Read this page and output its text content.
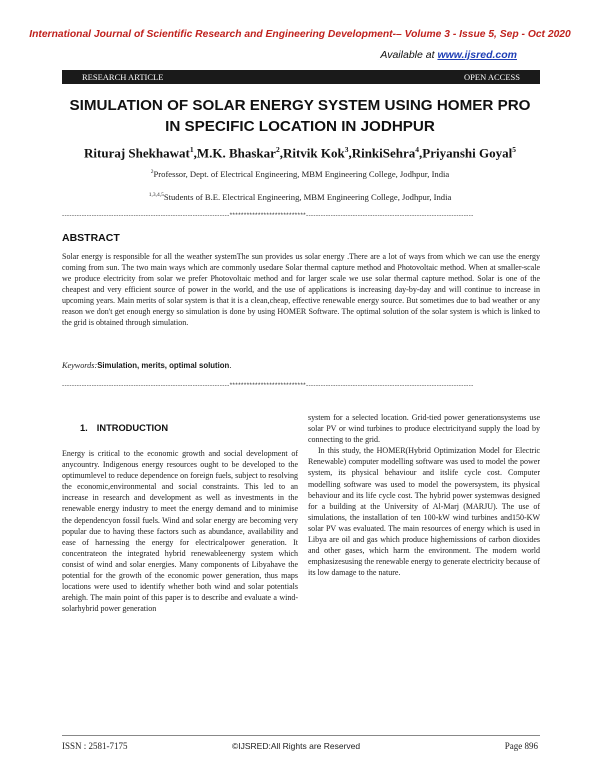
International Journal of Scientific Research and Engineering Development-– Volume 3 - Issue 5, Sep - Oct 2020
Available at www.ijsred.com
RESEARCH ARTICLE	OPEN ACCESS
SIMULATION OF SOLAR ENERGY SYSTEM USING HOMER PRO
IN SPECIFIC LOCATION IN JODHPUR
Rituraj Shekhawat$^1$,M.K. Bhaskar$^2$,Ritvik Kok$^3$,RinkiSehra$^4$,Priyanshi Goyal$^5$
$^2$Professor, Dept. of Electrical Engineering, MBM Engineering College, Jodhpur, India
$^{1,3,4,5}$Students of B.E. Electrical Engineering, MBM Engineering College, Jodhpur, India
--------------------------------------------------------------------***************************--------------------------------------------------------------------
ABSTRACT
Solar energy is responsible for all the weather systemThe sun provides us solar energy .There are a lot of ways from which we can use the energy coming from sun. The two main ways which are commonly usedare Solar thermal capture method and Photovoltaic method. When at smaller-scale we produce electricity from solar we prefer Photovoltaic method and for larger scale we use solar thermal capture method. Solar is one of the cheapest and very efficient source of power in the world, and the use of applications is increasing day-by-day and will continue to increase in upcoming years. Main merits of solar system is that it is a clean,cheap, effective renewable energy source. But sometimes due to bad weather or any reason we don't get enough energy so simulation is done by using HOMER Software. The optimal solution of the solar system is which is linked to the grid is obtained through simulation.
Keywords:Simulation, merits, optimal solution.
--------------------------------------------------------------------***************************--------------------------------------------------------------------
1. INTRODUCTION

Energy is critical to the economic growth and social development of anycountry. Indigenous energy resources ought to be developed to the optimumlevel to reduce dependence on foreign fuels, subject to resolving the economic,environmental and social constraints. This led to an increase in research and development as well as investments in the renewable energy industry to meet the energy demand and to minimise the dependencyon fossil fuels. Wind and solar energy are becoming very popular due to having these factors such as abundance, availability and ease of harnessing the energy for electricalpower generation. It concentrateon the integrated hybrid renewableenergy system which consist of wind and solar energies. Many components of Libyahave the potential for the growth of the economic power generation, thus maps locations were used to identify whether both wind and solar potentials arehigh. The main point of this paper is to describe and evaluate a wind-solarhybrid power generation

system for a selected location. Grid-tied power generationsystems use solar PV or wind turbines to produce electricityand supply the load by connecting to the grid.

In this study, the HOMER(Hybrid Optimization Model for Electric Renewable) computer modelling software was used to model the power system, its physical behaviour and itslife cycle cost. Computer modelling software was used to model the powersystem, its physical behaviour and its life cycle cost. The hybrid power systemwas designed for a building at the University of Al-Marj (MARJU). The use of simulations, the installation of ten 100-kW wind turbines and150-KW solar PV was evaluated. The main resources of energy which is used in Libya are oil and gas which produce highemissions of carbon dioxides and other gases, which harm the environment. The modern world emphasizesusing the renewable energy to generate electricity because of its low damage to the nature.

ISSN : 2581-7175	©IJSRED:All Rights are Reserved	Page 896
